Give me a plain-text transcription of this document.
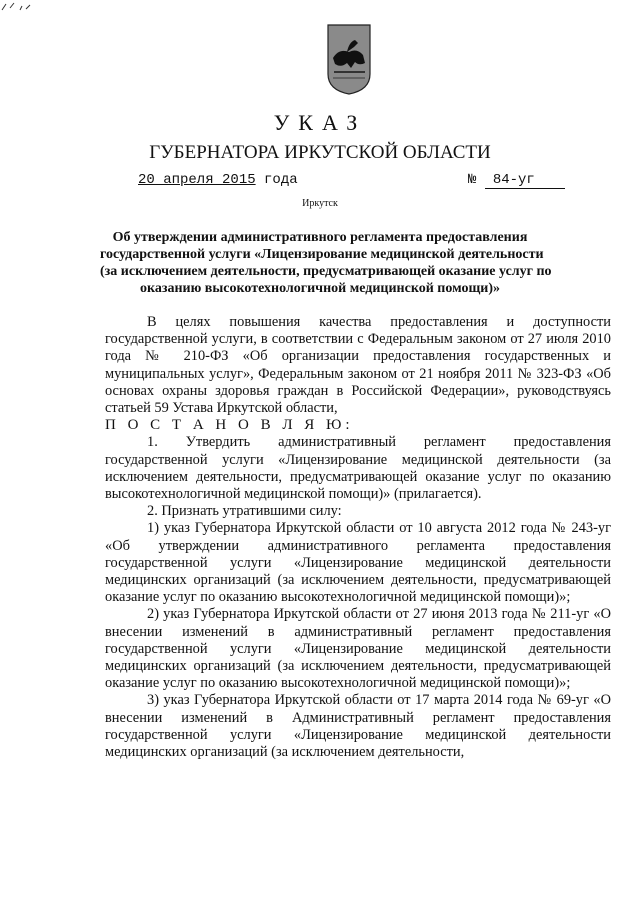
УКАЗ
ГУБЕРНАТОРА ИРКУТСКОЙ ОБЛАСТИ
20 апреля 2015 года	№ 84-уг
Иркутск
Об утверждении административного регламента предоставления
государственной услуги «Лицензирование медицинской деятельности
(за исключением деятельности, предусматривающей оказание услуг по
оказанию высокотехнологичной медицинской помощи)»

В целях повышения качества предоставления и доступности государственной услуги, в соответствии с Федеральным законом от 27 июля 2010 года № 210-ФЗ «Об организации предоставления государственных и муниципальных услуг», Федеральным законом от 21 ноября 2011 № 323-ФЗ «Об основах охраны здоровья граждан в Российской Федерации», руководствуясь статьей 59 Устава Иркутской области,

П О С Т А Н О В Л Я Ю:

1. Утвердить административный регламент предоставления государственной услуги «Лицензирование медицинской деятельности (за исключением деятельности, предусматривающей оказание услуг по оказанию высокотехнологичной медицинской помощи)» (прилагается).

2. Признать утратившими силу:

1) указ Губернатора Иркутской области от 10 августа 2012 года № 243-уг «Об утверждении административного регламента предоставления государственной услуги «Лицензирование медицинской деятельности медицинских организаций (за исключением деятельности, предусматривающей оказание услуг по оказанию высокотехнологичной медицинской помощи)»;

2) указ Губернатора Иркутской области от 27 июня 2013 года № 211-уг «О внесении изменений в административный регламент предоставления государственной услуги «Лицензирование медицинской деятельности медицинских организаций (за исключением деятельности, предусматривающей оказание услуг по оказанию высокотехнологичной медицинской помощи)»;

3) указ Губернатора Иркутской области от 17 марта 2014 года № 69-уг «О внесении изменений в Административный регламент предоставления государственной услуги «Лицензирование медицинской деятельности медицинских организаций (за исключением деятельности,
